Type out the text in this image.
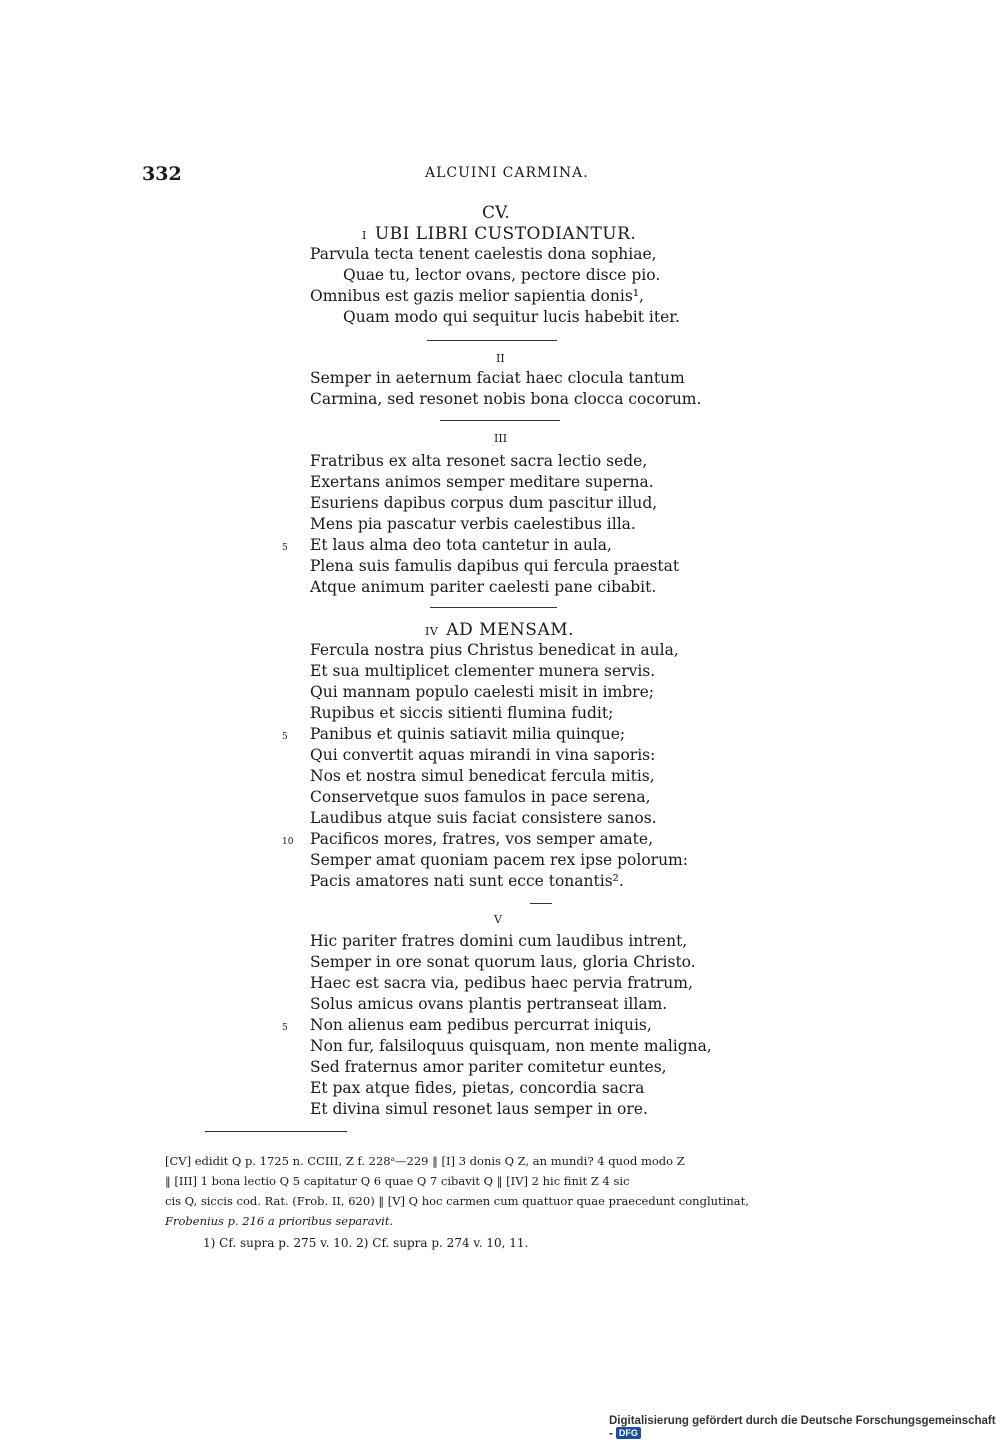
332	ALCUINI CARMINA.
CV.
I UBI LIBRI CUSTODIANTUR.
Parvula tecta tenent caelestis dona sophiae,
Quae tu, lector ovans, pectore disce pio.
Omnibus est gazis melior sapientia donis¹,
Quam modo qui sequitur lucis habebit iter.
II
Semper in aeternum faciat haec clocula tantum
Carmina, sed resonet nobis bona clocca cocorum.
III
Fratribus ex alta resonet sacra lectio sede,
Exertans animos semper meditare superna.
Esuriens dapibus corpus dum pascitur illud,
Mens pia pascatur verbis caelestibus illa.
5 Et laus alma deo tota cantetur in aula,
Plena suis famulis dapibus qui fercula praestat
Atque animum pariter caelesti pane cibabit.
IV AD MENSAM.
Fercula nostra pius Christus benedicat in aula,
Et sua multiplicet clementer munera servis.
Qui mannam populo caelesti misit in imbre;
Rupibus et siccis sitienti flumina fudit;
5 Panibus et quinis satiavit milia quinque;
Qui convertit aquas mirandi in vina saporis:
Nos et nostra simul benedicat fercula mitis,
Conservetque suos famulos in pace serena,
Laudibus atque suis faciat consistere sanos.
10 Pacificos mores, fratres, vos semper amate,
Semper amat quoniam pacem rex ipse polorum:
Pacis amatores nati sunt ecce tonantis².
V
Hic pariter fratres domini cum laudibus intrent,
Semper in ore sonat quorum laus, gloria Christo.
Haec est sacra via, pedibus haec pervia fratrum,
Solus amicus ovans plantis pertranseat illam.
5 Non alienus eam pedibus percurrat iniquis,
Non fur, falsiloquus quisquam, non mente maligna,
Sed fraternus amor pariter comitetur euntes,
Et pax atque fides, pietas, concordia sacra
Et divina simul resonet laus semper in ore.

[CV] edidit Q p. 1725 n. CCIII, Z f. 228ᵃ—229 ‖ [I] 3 donis Q Z, an mundi? 4 quod modo Z

‖ [III] 1 bona lectio Q 5 capitatur Q 6 quae Q 7 cibavit Q ‖ [IV] 2 hic finit Z 4 sic

cis Q, siccis cod. Rat. (Frob. II, 620) ‖ [V] Q hoc carmen cum quattuor quae praecedunt conglutinat,

Frobenius p. 216 a prioribus separavit.

1) Cf. supra p. 275 v. 10. 2) Cf. supra p. 274 v. 10, 11.
Digitalisierung gefördert durch die Deutsche Forschungsgemeinschaft - DFG
